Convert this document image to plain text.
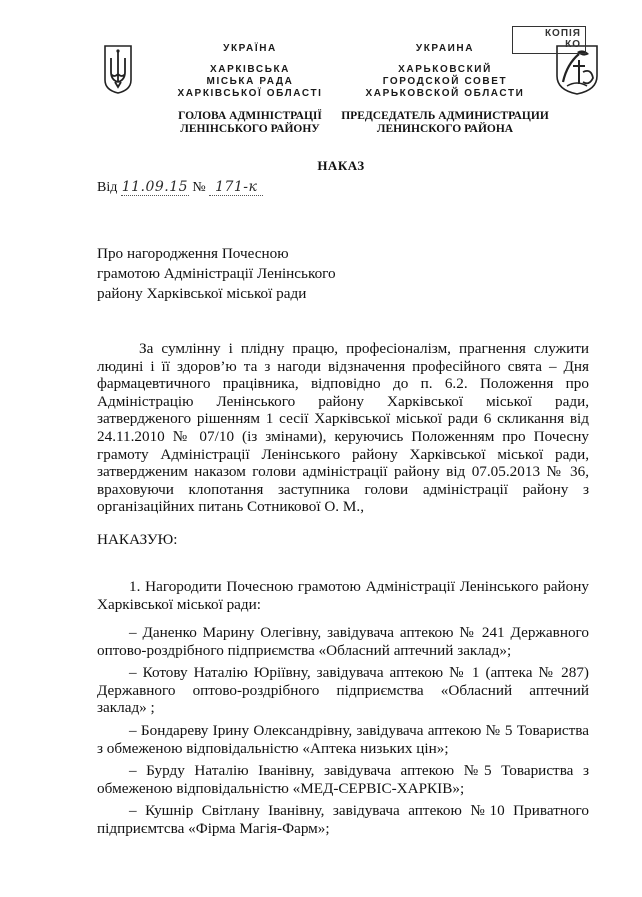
КОПІЯ
КО
УКРАЇНА
ХАРКІВСЬКА
МІСЬКА РАДА
ХАРКІВСЬКОЇ ОБЛАСТІ
ГОЛОВА АДМІНІСТРАЦІЇ
ЛЕНІНСЬКОГО РАЙОНУ
УКРАИНА
ХАРЬКОВСКИЙ
ГОРОДСКОЙ СОВЕТ
ХАРЬКОВСКОЙ ОБЛАСТИ
ПРЕДСЕДАТЕЛЬ АДМИНИСТРАЦИИ
ЛЕНИНСКОГО РАЙОНА
НАКАЗ
Від 11.09.15 № 171-к
Про нагородження Почесною
грамотою Адміністрації Ленінського
району Харківської міської ради

За сумлінну і плідну працю, професіоналізм, прагнення служити людині і її здоров’ю та з нагоди відзначення професійного свята – Дня фармацевтичного працівника, відповідно до п. 6.2. Положення про Адміністрацію Ленінського району Харківської міської ради, затвердженого рішенням 1 сесії Харківської міської ради 6 скликання від 24.11.2010 № 07/10 (із змінами), керуючись Положенням про Почесну грамоту Адміністрації Ленінського району Харківської міської ради, затвердженим наказом голови адміністрації району від 07.05.2013 № 36, враховуючи клопотання заступника голови адміністрації району з організаційних питань Сотникової О. М.,

НАКАЗУЮ:

1. Нагородити Почесною грамотою Адміністрації Ленінського району Харківської міської ради:

– Даненко Марину Олегівну, завідувача аптекою № 241 Державного оптово-роздрібного підприємства «Обласний аптечний заклад»;

– Котову Наталію Юріївну, завідувача аптекою № 1 (аптека № 287) Державного оптово-роздрібного підприємства «Обласний аптечний заклад» ;

– Бондареву Ірину Олександрівну, завідувача аптекою № 5 Товариства з обмеженою відповідальністю «Аптека низьких цін»;

– Бурду Наталію Іванівну, завідувача аптекою №5 Товариства з обмеженою відповідальністю «МЕД-СЕРВІС-ХАРКІВ»;

– Кушнір Світлану Іванівну, завідувача аптекою №10 Приватного підприємтсва «Фірма Магія-Фарм»;
